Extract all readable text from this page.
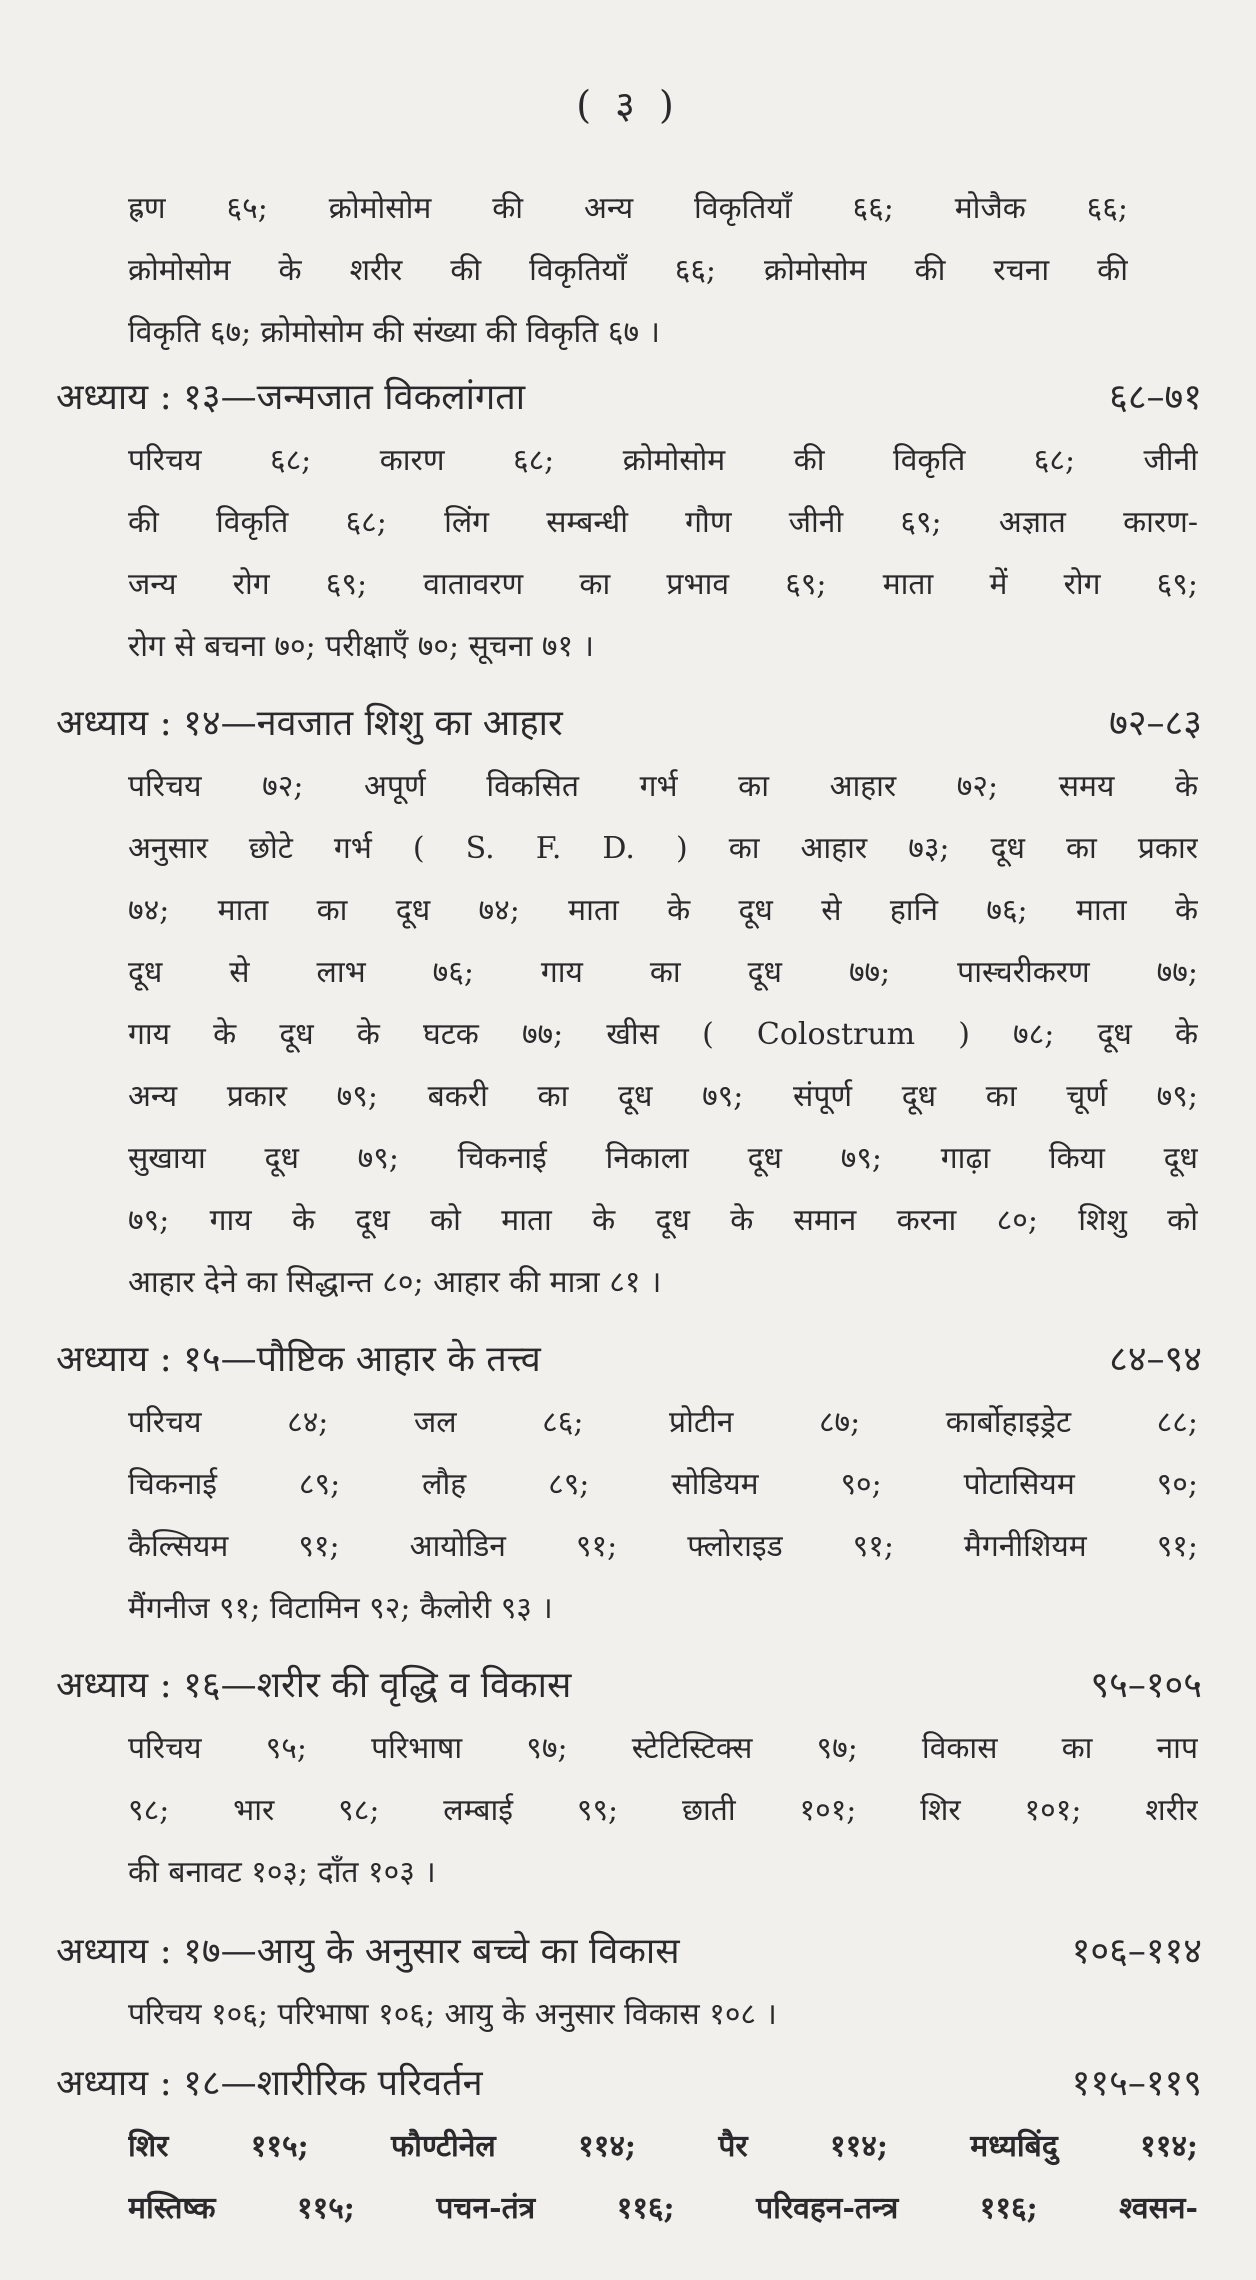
( ३ )
ह्रण ६५; क्रोमोसोम की अन्य विकृतियाँ ६६; मोजैक ६६;
क्रोमोसोम के शरीर की विकृतियाँ ६६; क्रोमोसोम की रचना की
विकृति ६७; क्रोमोसोम की संख्या की विकृति ६७ ।
अध्याय : १३—जन्मजात विकलांगता	६८–७१
परिचय ६८; कारण ६८; क्रोमोसोम की विकृति ६८; जीनी
की विकृति ६८; लिंग सम्बन्धी गौण जीनी ६९; अज्ञात कारण-
जन्य रोग ६९; वातावरण का प्रभाव ६९; माता में रोग ६९;
रोग से बचना ७०; परीक्षाएँ ७०; सूचना ७१ ।
अध्याय : १४—नवजात शिशु का आहार	७२–८३
परिचय ७२; अपूर्ण विकसित गर्भ का आहार ७२; समय के
अनुसार छोटे गर्भ ( S. F. D. ) का आहार ७३; दूध का प्रकार
७४; माता का दूध ७४; माता के दूध से हानि ७६; माता के
दूध से लाभ ७६; गाय का दूध ७७; पास्चरीकरण ७७;
गाय के दूध के घटक ७७; खीस ( Colostrum ) ७८; दूध के
अन्य प्रकार ७९; बकरी का दूध ७९; संपूर्ण दूध का चूर्ण ७९;
सुखाया दूध ७९; चिकनाई निकाला दूध ७९; गाढ़ा किया दूध
७९; गाय के दूध को माता के दूध के समान करना ८०; शिशु को
आहार देने का सिद्धान्त ८०; आहार की मात्रा ८१ ।
अध्याय : १५—पौष्टिक आहार के तत्त्व	८४–९४
परिचय ८४; जल ८६; प्रोटीन ८७; कार्बोहाइड्रेट ८८;
चिकनाई ८९; लौह ८९; सोडियम ९०; पोटासियम ९०;
कैल्सियम ९१; आयोडिन ९१; फ्लोराइड ९१; मैगनीशियम ९१;
मैंगनीज ९१; विटामिन ९२; कैलोरी ९३ ।
अध्याय : १६—शरीर की वृद्धि व विकास	९५–१०५
परिचय ९५; परिभाषा ९७; स्टेटिस्टिक्स ९७; विकास का नाप
९८; भार ९८; लम्बाई ९९; छाती १०१; शिर १०१; शरीर
की बनावट १०३; दाँत १०३ ।
अध्याय : १७—आयु के अनुसार बच्चे का विकास	१०६–११४
परिचय १०६; परिभाषा १०६; आयु के अनुसार विकास १०८ ।
अध्याय : १८—शारीरिक परिवर्तन	११५–११९
शिर ११५; फौण्टीनेल ११४; पैर ११४; मध्यबिंदु ११४;
मस्तिष्क ११५; पचन-तंत्र ११६; परिवहन-तन्त्र ११६; श्वसन-
